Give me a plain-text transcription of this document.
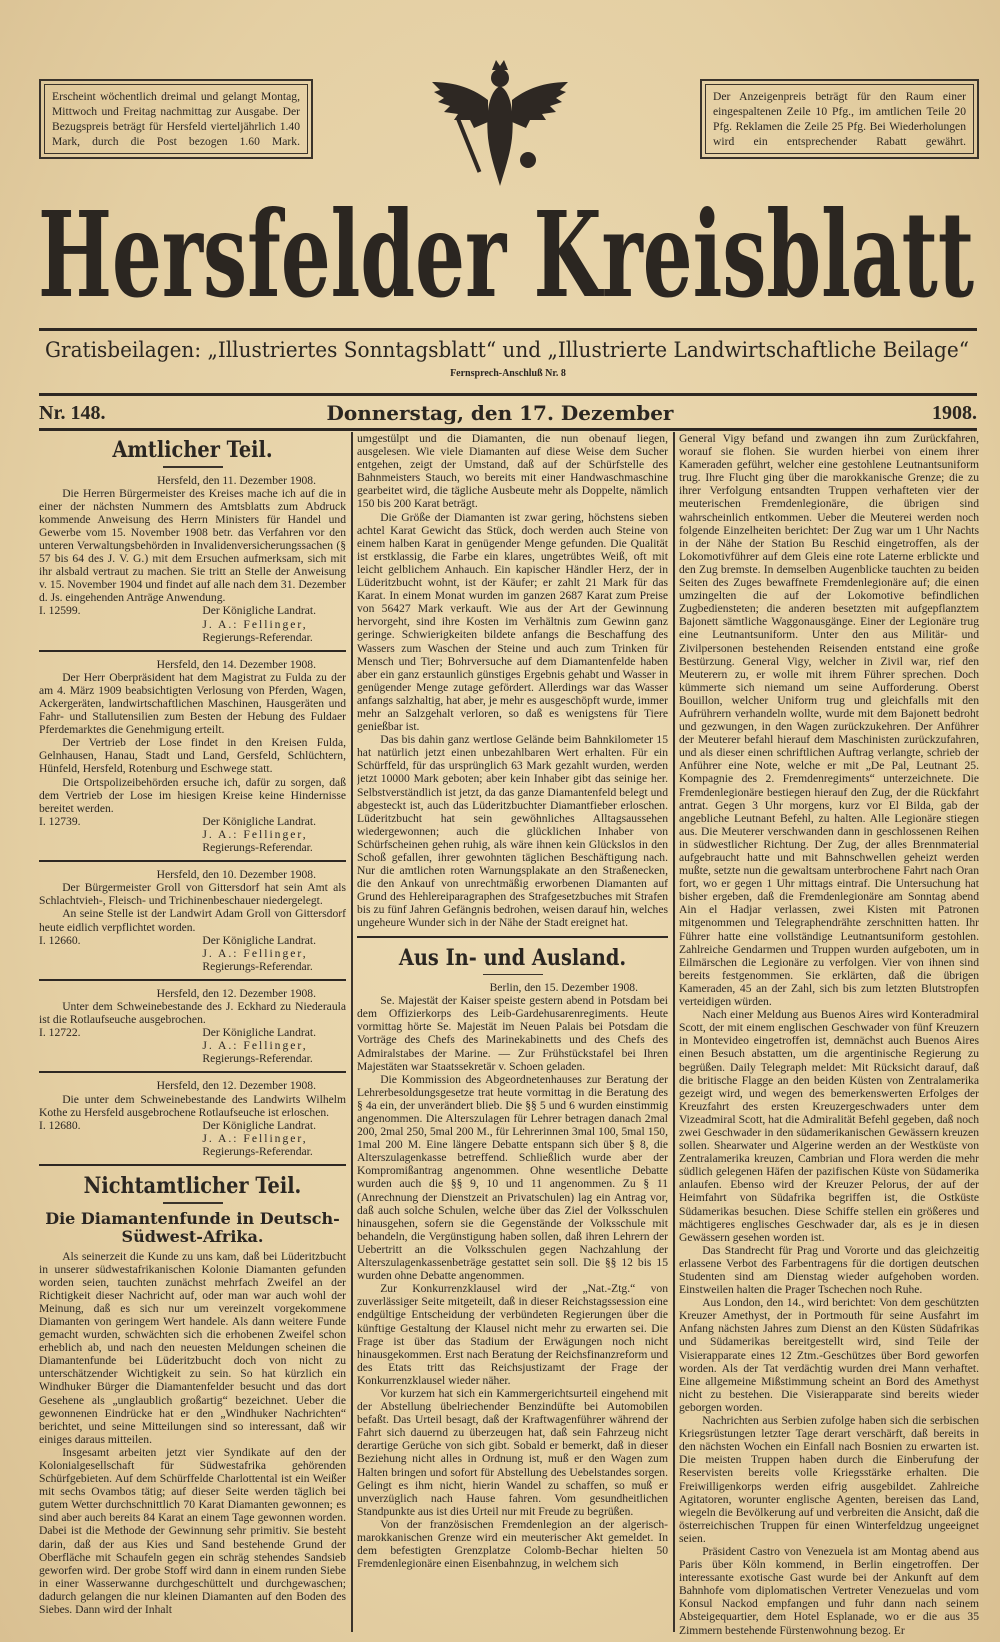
Erscheint wöchentlich dreimal und gelangt Montag, Mittwoch und Freitag nachmittag zur Ausgabe. Der Bezugspreis beträgt für Hersfeld vierteljährlich 1.40 Mark, durch die Post bezogen 1.60 Mark.
Der Anzeigenpreis beträgt für den Raum einer eingespaltenen Zeile 10 Pfg., im amtlichen Teile 20 Pfg. Reklamen die Zeile 25 Pfg. Bei Wiederholungen wird ein entsprechender Rabatt gewährt.
Hersfelder Kreisblatt
Gratisbeilagen: „Illustriertes Sonntagsblatt“ und „Illustrierte Landwirtschaftliche Beilage“
Fernsprech-Anschluß Nr. 8
Nr. 148.	Donnerstag, den 17. Dezember	1908.
Amtlicher Teil.
Hersfeld, den 11. Dezember 1908.

Die Herren Bürgermeister des Kreises mache ich auf die in einer der nächsten Nummern des Amtsblatts zum Abdruck kommende Anweisung des Herrn Ministers für Handel und Gewerbe vom 15. November 1908 betr. das Verfahren vor den unteren Verwaltungsbehörden in Invalidenversicherungssachen (§ 57 bis 64 des J. V. G.) mit dem Ersuchen aufmerksam, sich mit ihr alsbald vertraut zu machen. Sie tritt an Stelle der Anweisung v. 15. November 1904 und findet auf alle nach dem 31. Dezember d. Js. eingehenden Anträge Anwendung.

I. 12599.	Der Königliche Landrat.
J. A.: Fellinger,
Regierungs-Referendar.
Hersfeld, den 14. Dezember 1908.

Der Herr Oberpräsident hat dem Magistrat zu Fulda zu der am 4. März 1909 beabsichtigten Verlosung von Pferden, Wagen, Ackergeräten, landwirtschaftlichen Maschinen, Hausgeräten und Fahr- und Stallutensilien zum Besten der Hebung des Fuldaer Pferdemarktes die Genehmigung erteilt.

Der Vertrieb der Lose findet in den Kreisen Fulda, Gelnhausen, Hanau, Stadt und Land, Gersfeld, Schlüchtern, Hünfeld, Hersfeld, Rotenburg und Eschwege statt.

Die Ortspolizeibehörden ersuche ich, dafür zu sorgen, daß dem Vertrieb der Lose im hiesigen Kreise keine Hindernisse bereitet werden.

I. 12739.	Der Königliche Landrat.
J. A.: Fellinger,
Regierungs-Referendar.
Hersfeld, den 10. Dezember 1908.

Der Bürgermeister Groll von Gittersdorf hat sein Amt als Schlachtvieh-, Fleisch- und Trichinenbeschauer niedergelegt.

An seine Stelle ist der Landwirt Adam Groll von Gittersdorf heute eidlich verpflichtet worden.

I. 12660.	Der Königliche Landrat.
J. A.: Fellinger,
Regierungs-Referendar.
Hersfeld, den 12. Dezember 1908.

Unter dem Schweinebestande des J. Eckhard zu Niederaula ist die Rotlaufseuche ausgebrochen.

I. 12722.	Der Königliche Landrat.
J. A.: Fellinger,
Regierungs-Referendar.
Hersfeld, den 12. Dezember 1908.

Die unter dem Schweinebestande des Landwirts Wilhelm Kothe zu Hersfeld ausgebrochene Rotlaufseuche ist erloschen.

I. 12680.	Der Königliche Landrat.
J. A.: Fellinger,
Regierungs-Referendar.
Nichtamtlicher Teil.
Die Diamantenfunde in Deutsch-Südwest-Afrika.

Als seinerzeit die Kunde zu uns kam, daß bei Lüderitzbucht in unserer südwestafrikanischen Kolonie Diamanten gefunden worden seien, tauchten zunächst mehrfach Zweifel an der Richtigkeit dieser Nachricht auf, oder man war auch wohl der Meinung, daß es sich nur um vereinzelt vorgekommene Diamanten von geringem Wert handele. Als dann weitere Funde gemacht wurden, schwächten sich die erhobenen Zweifel schon erheblich ab, und nach den neuesten Meldungen scheinen die Diamantenfunde bei Lüderitzbucht doch von nicht zu unterschätzender Wichtigkeit zu sein. So hat kürzlich ein Windhuker Bürger die Diamantenfelder besucht und das dort Gesehene als „unglaublich großartig“ bezeichnet. Ueber die gewonnenen Eindrücke hat er den „Windhuker Nachrichten“ berichtet, und seine Mitteilungen sind so interessant, daß wir einiges daraus mitteilen.

Insgesamt arbeiten jetzt vier Syndikate auf den der Kolonialgesellschaft für Südwestafrika gehörenden Schürfgebieten. Auf dem Schürffelde Charlottental ist ein Weißer mit sechs Ovambos tätig; auf dieser Seite werden täglich bei gutem Wetter durchschnittlich 70 Karat Diamanten gewonnen; es sind aber auch bereits 84 Karat an einem Tage gewonnen worden. Dabei ist die Methode der Gewinnung sehr primitiv. Sie besteht darin, daß der aus Kies und Sand bestehende Grund der Oberfläche mit Schaufeln gegen ein schräg stehendes Sandsieb geworfen wird. Der grobe Stoff wird dann in einem runden Siebe in einer Wasserwanne durchgeschüttelt und durchgewaschen; dadurch gelangen die nur kleinen Diamanten auf den Boden des Siebes. Dann wird der Inhalt

umgestülpt und die Diamanten, die nun obenauf liegen, ausgelesen. Wie viele Diamanten auf diese Weise dem Sucher entgehen, zeigt der Umstand, daß auf der Schürfstelle des Bahnmeisters Stauch, wo bereits mit einer Handwaschmaschine gearbeitet wird, die tägliche Ausbeute mehr als Doppelte, nämlich 150 bis 200 Karat beträgt.

Die Größe der Diamanten ist zwar gering, höchstens sieben achtel Karat Gewicht das Stück, doch werden auch Steine von einem halben Karat in genügender Menge gefunden. Die Qualität ist erstklassig, die Farbe ein klares, ungetrübtes Weiß, oft mit leicht gelblichem Anhauch. Ein kapischer Händler Herz, der in Lüderitzbucht wohnt, ist der Käufer; er zahlt 21 Mark für das Karat. In einem Monat wurden im ganzen 2687 Karat zum Preise von 56427 Mark verkauft. Wie aus der Art der Gewinnung hervorgeht, sind ihre Kosten im Verhältnis zum Gewinn ganz geringe. Schwierigkeiten bildete anfangs die Beschaffung des Wassers zum Waschen der Steine und auch zum Trinken für Mensch und Tier; Bohrversuche auf dem Diamantenfelde haben aber ein ganz erstaunlich günstiges Ergebnis gehabt und Wasser in genügender Menge zutage gefördert. Allerdings war das Wasser anfangs salzhaltig, hat aber, je mehr es ausgeschöpft wurde, immer mehr an Salzgehalt verloren, so daß es wenigstens für Tiere genießbar ist.

Das bis dahin ganz wertlose Gelände beim Bahnkilometer 15 hat natürlich jetzt einen unbezahlbaren Wert erhalten. Für ein Schürffeld, für das ursprünglich 63 Mark gezahlt wurden, werden jetzt 10000 Mark geboten; aber kein Inhaber gibt das seinige her. Selbstverständlich ist jetzt, da das ganze Diamantenfeld belegt und abgesteckt ist, auch das Lüderitzbuchter Diamantfieber erloschen. Lüderitzbucht hat sein gewöhnliches Alltagsaussehen wiedergewonnen; auch die glücklichen Inhaber von Schürfscheinen gehen ruhig, als wäre ihnen kein Glückslos in den Schoß gefallen, ihrer gewohnten täglichen Beschäftigung nach. Nur die amtlichen roten Warnungsplakate an den Straßenecken, die den Ankauf von unrechtmäßig erworbenen Diamanten auf Grund des Hehlereiparagraphen des Strafgesetzbuches mit Strafen bis zu fünf Jahren Gefängnis bedrohen, weisen darauf hin, welches ungeheure Wunder sich in der Nähe der Stadt ereignet hat.

Aus In- und Ausland.
Berlin, den 15. Dezember 1908.

Se. Majestät der Kaiser speiste gestern abend in Potsdam bei dem Offizierkorps des Leib-Gardehusarenregiments. Heute vormittag hörte Se. Majestät im Neuen Palais bei Potsdam die Vorträge des Chefs des Marinekabinetts und des Chefs des Admiralstabes der Marine. — Zur Frühstückstafel bei Ihren Majestäten war Staatssekretär v. Schoen geladen.

Die Kommission des Abgeordnetenhauses zur Beratung der Lehrerbesoldungsgesetze trat heute vormittag in die Beratung des § 4a ein, der unverändert blieb. Die §§ 5 und 6 wurden einstimmig angenommen. Die Alterszulagen für Lehrer betragen danach 2mal 200, 2mal 250, 5mal 200 M., für Lehrerinnen 3mal 100, 5mal 150, 1mal 200 M. Eine längere Debatte entspann sich über § 8, die Alterszulagenkasse betreffend. Schließlich wurde aber der Kompromißantrag angenommen. Ohne wesentliche Debatte wurden auch die §§ 9, 10 und 11 angenommen. Zu § 11 (Anrechnung der Dienstzeit an Privatschulen) lag ein Antrag vor, daß auch solche Schulen, welche über das Ziel der Volksschulen hinausgehen, sofern sie die Gegenstände der Volksschule mit behandeln, die Vergünstigung haben sollen, daß ihren Lehrern der Uebertritt an die Volksschulen gegen Nachzahlung der Alterszulagenkassenbeträge gestattet sein soll. Die §§ 12 bis 15 wurden ohne Debatte angenommen.

Zur Konkurrenzklausel wird der „Nat.-Ztg.“ von zuverlässiger Seite mitgeteilt, daß in dieser Reichstagssession eine endgültige Entscheidung der verbündeten Regierungen über die künftige Gestaltung der Klausel nicht mehr zu erwarten sei. Die Frage ist über das Stadium der Erwägungen noch nicht hinausgekommen. Erst nach Beratung der Reichsfinanzreform und des Etats tritt das Reichsjustizamt der Frage der Konkurrenzklausel wieder näher.

Vor kurzem hat sich ein Kammergerichtsurteil eingehend mit der Abstellung übelriechender Benzindüfte bei Automobilen befaßt. Das Urteil besagt, daß der Kraftwagenführer während der Fahrt sich dauernd zu überzeugen hat, daß sein Fahrzeug nicht derartige Gerüche von sich gibt. Sobald er bemerkt, daß in dieser Beziehung nicht alles in Ordnung ist, muß er den Wagen zum Halten bringen und sofort für Abstellung des Uebelstandes sorgen. Gelingt es ihm nicht, hierin Wandel zu schaffen, so muß er unverzüglich nach Hause fahren. Vom gesundheitlichen Standpunkte aus ist dies Urteil nur mit Freude zu begrüßen.

Von der französischen Fremdenlegion an der algerisch-marokkanischen Grenze wird ein meuterischer Akt gemeldet. In dem befestigten Grenzplatze Colomb-Bechar hielten 50 Fremdenlegionäre einen Eisenbahnzug, in welchem sich

General Vigy befand und zwangen ihn zum Zurückfahren, worauf sie flohen. Sie wurden hierbei von einem ihrer Kameraden geführt, welcher eine gestohlene Leutnantsuniform trug. Ihre Flucht ging über die marokkanische Grenze; die zu ihrer Verfolgung entsandten Truppen verhafteten vier der meuterischen Fremdenlegionäre, die übrigen sind wahrscheinlich entkommen. Ueber die Meuterei werden noch folgende Einzelheiten berichtet: Der Zug war um 1 Uhr Nachts in der Nähe der Station Bu Reschid eingetroffen, als der Lokomotivführer auf dem Gleis eine rote Laterne erblickte und den Zug bremste. In demselben Augenblicke tauchten zu beiden Seiten des Zuges bewaffnete Fremdenlegionäre auf; die einen umzingelten die auf der Lokomotive befindlichen Zugbediensteten; die anderen besetzten mit aufgepflanztem Bajonett sämtliche Waggonausgänge. Einer der Legionäre trug eine Leutnantsuniform. Unter den aus Militär- und Zivilpersonen bestehenden Reisenden entstand eine große Bestürzung. General Vigy, welcher in Zivil war, rief den Meuterern zu, er wolle mit ihrem Führer sprechen. Doch kümmerte sich niemand um seine Aufforderung. Oberst Bouillon, welcher Uniform trug und gleichfalls mit den Aufrührern verhandeln wollte, wurde mit dem Bajonett bedroht und gezwungen, in den Wagen zurückzukehren. Der Anführer der Meuterer befahl hierauf dem Maschinisten zurückzufahren, und als dieser einen schriftlichen Auftrag verlangte, schrieb der Anführer eine Note, welche er mit „De Pal, Leutnant 25. Kompagnie des 2. Fremdenregiments“ unterzeichnete. Die Fremdenlegionäre bestiegen hierauf den Zug, der die Rückfahrt antrat. Gegen 3 Uhr morgens, kurz vor El Bilda, gab der angebliche Leutnant Befehl, zu halten. Alle Legionäre stiegen aus. Die Meuterer verschwanden dann in geschlossenen Reihen in südwestlicher Richtung. Der Zug, der alles Brennmaterial aufgebraucht hatte und mit Bahnschwellen geheizt werden mußte, setzte nun die gewaltsam unterbrochene Fahrt nach Oran fort, wo er gegen 1 Uhr mittags eintraf. Die Untersuchung hat bisher ergeben, daß die Fremdenlegionäre am Sonntag abend Ain el Hadjar verlassen, zwei Kisten mit Patronen mitgenommen und Telegraphendrähte zerschnitten hatten. Ihr Führer hatte eine vollständige Leutnantsuniform gestohlen. Zahlreiche Gendarmen und Truppen wurden aufgeboten, um in Eilmärschen die Legionäre zu verfolgen. Vier von ihnen sind bereits festgenommen. Sie erklärten, daß die übrigen Kameraden, 45 an der Zahl, sich bis zum letzten Blutstropfen verteidigen würden.

Nach einer Meldung aus Buenos Aires wird Konteradmiral Scott, der mit einem englischen Geschwader von fünf Kreuzern in Montevideo eingetroffen ist, demnächst auch Buenos Aires einen Besuch abstatten, um die argentinische Regierung zu begrüßen. Daily Telegraph meldet: Mit Rücksicht darauf, daß die britische Flagge an den beiden Küsten von Zentralamerika gezeigt wird, und wegen des bemerkenswerten Erfolges der Kreuzfahrt des ersten Kreuzergeschwaders unter dem Vizeadmiral Scott, hat die Admiralität Befehl gegeben, daß noch zwei Geschwader in den südamerikanischen Gewässern kreuzen sollen. Shearwater und Algerine werden an der Westküste von Zentralamerika kreuzen, Cambrian und Flora werden die mehr südlich gelegenen Häfen der pazifischen Küste von Südamerika anlaufen. Ebenso wird der Kreuzer Pelorus, der auf der Heimfahrt von Südafrika begriffen ist, die Ostküste Südamerikas besuchen. Diese Schiffe stellen ein größeres und mächtigeres englisches Geschwader dar, als es je in diesen Gewässern gesehen worden ist.

Das Standrecht für Prag und Vororte und das gleichzeitig erlassene Verbot des Farbentragens für die dortigen deutschen Studenten sind am Dienstag wieder aufgehoben worden. Einstweilen halten die Prager Tschechen noch Ruhe.

Aus London, den 14., wird berichtet: Von dem geschützten Kreuzer Amethyst, der in Portmouth für seine Ausfahrt im Anfang nächsten Jahres zum Dienst an den Küsten Südafrikas und Südamerikas bereitgestellt wird, sind Teile der Visierapparate eines 12 Ztm.-Geschützes über Bord geworfen worden. Als der Tat verdächtig wurden drei Mann verhaftet. Eine allgemeine Mißstimmung scheint an Bord des Amethyst nicht zu bestehen. Die Visierapparate sind bereits wieder geborgen worden.

Nachrichten aus Serbien zufolge haben sich die serbischen Kriegsrüstungen letzter Tage derart verschärft, daß bereits in den nächsten Wochen ein Einfall nach Bosnien zu erwarten ist. Die meisten Truppen haben durch die Einberufung der Reservisten bereits volle Kriegsstärke erhalten. Die Freiwilligenkorps werden eifrig ausgebildet. Zahlreiche Agitatoren, worunter englische Agenten, bereisen das Land, wiegeln die Bevölkerung auf und verbreiten die Ansicht, daß die österreichischen Truppen für einen Winterfeldzug ungeeignet seien.

Präsident Castro von Venezuela ist am Montag abend aus Paris über Köln kommend, in Berlin eingetroffen. Der interessante exotische Gast wurde bei der Ankunft auf dem Bahnhofe vom diplomatischen Vertreter Venezuelas und vom Konsul Nackod empfangen und fuhr dann nach seinem Absteigequartier, dem Hotel Esplanade, wo er die aus 35 Zimmern bestehende Fürstenwohnung bezog. Er
